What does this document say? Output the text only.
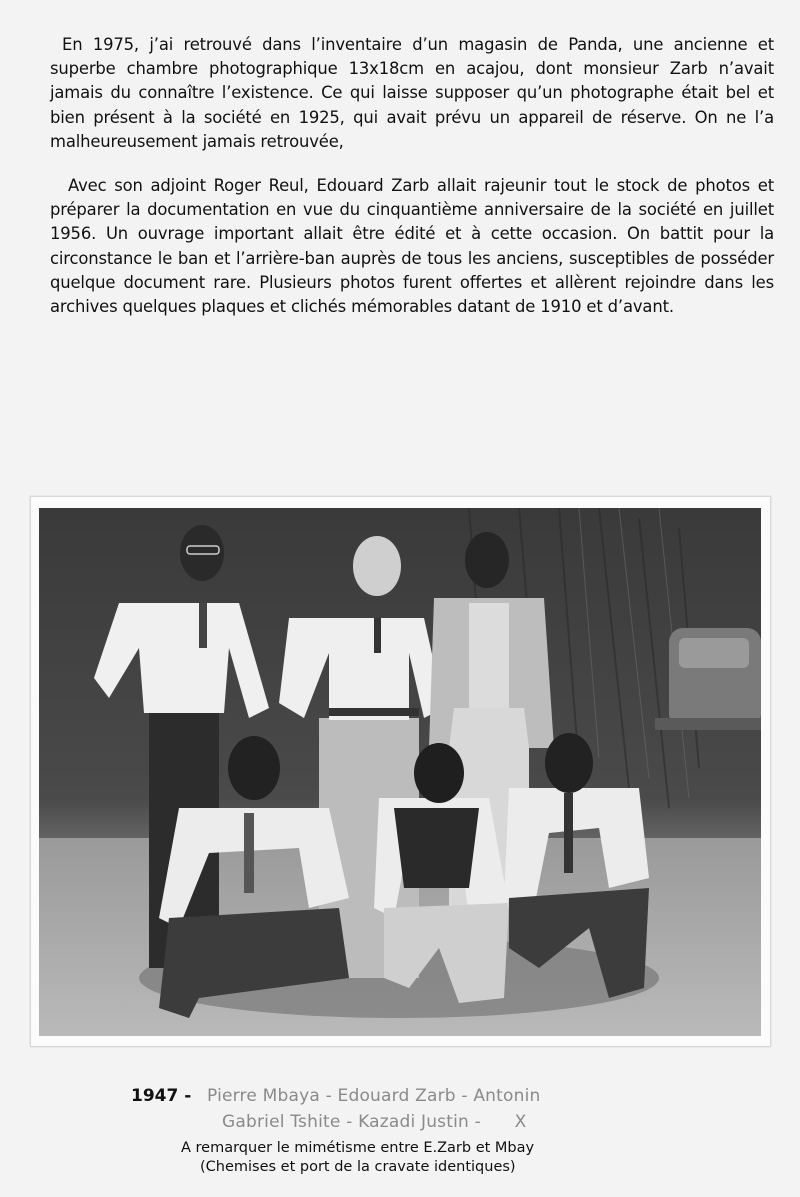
En 1975, j’ai retrouvé dans l’inventaire d’un magasin de Panda, une ancienne et superbe chambre photographique 13x18cm en acajou, dont monsieur Zarb n’avait jamais du connaître l’existence. Ce qui laisse supposer qu’un photographe était bel et bien présent à la société en 1925, qui avait prévu un appareil de réserve. On ne l’a malheureusement jamais retrouvée,

Avec son adjoint Roger Reul, Edouard Zarb allait rajeunir tout le stock de photos et préparer la documentation en vue du cinquantième anniversaire de la société en juillet 1956. Un ouvrage important allait être édité et à cette occasion. On battit pour la circonstance le ban et l’arrière-ban auprès de tous les anciens, susceptibles de posséder quelque document rare. Plusieurs photos furent offertes et allèrent rejoindre dans les archives quelques plaques et clichés mémorables datant de 1910 et d’avant.

1947 - Pierre Mbaya - Edouard Zarb - Antonin
Gabriel Tshite - Kazadi Justin -      X
A remarquer le mimétisme entre E.Zarb et Mbay
(Chemises et port de la cravate identiques)
